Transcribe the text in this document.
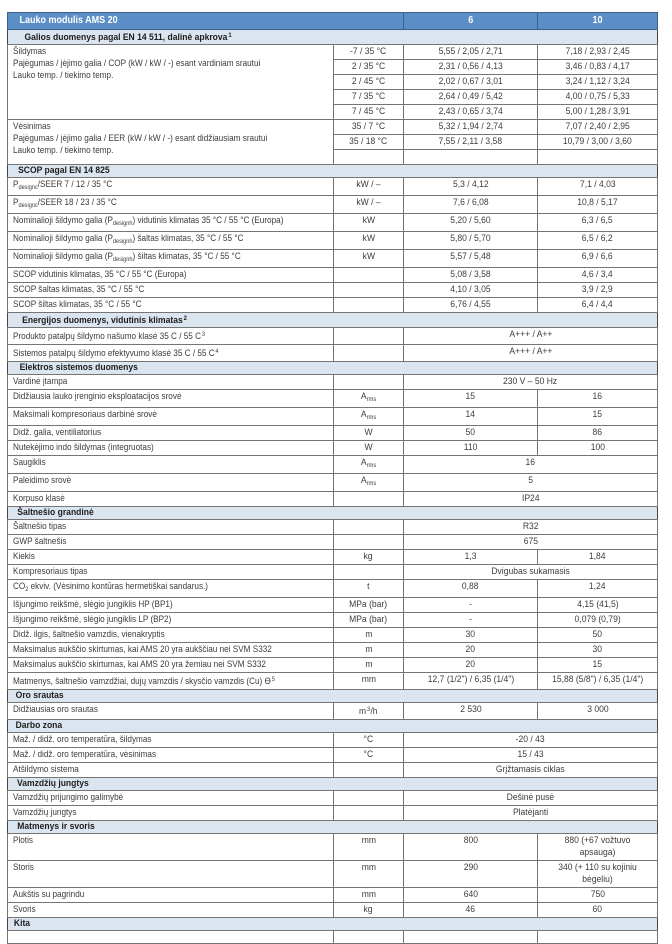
Lauko modulis AMS 20		6	10
Galios duomenys pagal EN 14 511, dalinė apkrova$^1$

Šildymas
Pajėgumas / įėjimo galia / COP (kW / kW / -) esant vardiniam srautui
Lauko temp. / tiekimo temp.	-7 / 35 °C	5,55 / 2,05 / 2,71	7,18 / 2,93 / 2,45
	2 / 35 °C	2,31 / 0,56 / 4,13	3,46 / 0,83 / 4,17
	2 / 45 °C	2,02 / 0,67 / 3,01	3,24 / 1,12 / 3,24
	7 / 35 °C	2,64 / 0,49 / 5,42	4,00 / 0,75 / 5,33
	7 / 45 °C	2,43 / 0,65 / 3,74	5,00 / 1,28 / 3,91

Vėsinimas
Pajėgumas / įėjimo galia / EER (kW / kW / -) esant didžiausiam srautui
Lauko temp. / tiekimo temp.	35 / 7 °C	5,32 / 1,94 / 2,74	7,07 / 2,40 / 2,95
	35 / 18 °C	7,55 / 2,11 / 3,58	10,79 / 3,00 / 3,60

SCOP pagal EN 14 825			
$P_{designc}$/SEER 7 / 12 / 35 °C	kW / –	5,3 / 4,12	7,1 / 4,03
$P_{designc}$/SEER 18 / 23 / 35 °C	kW / –	7,6 / 6,08	10,8 / 5,17
Nominalioji šildymo galia $(P_{designh})$ vidutinis klimatas 35 °C / 55 °C (Europa)	kW	5,20 / 5,60	6,3 / 6,5
Nominalioji šildymo galia $(P_{designh})$ šaltas klimatas, 35 °C / 55 °C	kW	5,80 / 5,70	6,5 / 6,2
Nominalioji šildymo galia $(P_{designh})$ šiltas klimatas, 35 °C / 55 °C	kW	5,57 / 5,48	6,9 / 6,6
SCOP vidutinis klimatas, 35 °C / 55 °C (Europa)		5,08 / 3,58	4,6 / 3,4
SCOP šaltas klimatas, 35 °C / 55 °C		4,10 / 3,05	3,9 / 2,9
SCOP šiltas klimatas, 35 °C / 55 °C		6,76 / 4,55	6,4 / 4,4
Energijos duomenys, vidutinis klimatas$^2$
Produkto patalpų šildymo našumo klasė 35 C / 55 $C^3$		A+++ / A++	
Sistemos patalpų šildymo efektyvumo klasė 35 C / 55 $C^4$		A+++ / A++	
Elektros sistemos duomenys			
Vardinė įtampa		230 V – 50 Hz	
Didžiausia lauko įrenginio eksploatacijos srovė	$A_{rms}$	15	16
Maksimali kompresoriaus darbinė srovė	$A_{rms}$	14	15
Didž. galia, ventiliatorius	W	50	86
Nutekėjimo indo šildymas (integruotas)	W	110	100
Saugiklis	$A_{rms}$	16	
Paleidimo srovė	$A_{rms}$	5	
Korpuso klasė		IP24	
Šaltnešio grandinė			
Šaltnešio tipas		R32	
GWP šaltnešis		675	
Kiekis	kg	1,3	1,84
Kompresoriaus tipas		Dvigubas sukamasis	
$CO_2$ ekviv. (Vėsinimo kontūras hermetiškai sandarus.)	t	0,88	1,24
Išjungimo reikšmė, slėgio jungiklis HP (BP1)	MPa (bar)	-	4,15 (41,5)
Išjungimo reikšmė, slėgio jungiklis LP (BP2)	MPa (bar)	-	0,079 (0,79)
Didž. ilgis, šaltnešio vamzdis, vienakryptis	m	30	50
Maksimalus aukščio skirtumas, kai AMS 20 yra aukščiau nei SVM S332	m	20	30
Maksimalus aukščio skirtumas, kai AMS 20 yra žemiau nei SVM S332	m	20	15
Matmenys, šaltnešio vamzdžiai, dujų vamzdis / skysčio vamzdis (Cu) $Ө^5$	mm	12,7 (1/2") / 6,35 (1/4")	15,88 (5/8") / 6,35 (1/4")
Oro srautas			
Didžiausias oro srautas	$m^3/h$	2 530	3 000
Darbo zona			
Maž. / didž. oro temperatūra, šildymas	°C	-20 / 43	
Maž. / didž. oro temperatūra, vėsinimas	°C	15 / 43	
Atšildymo sistema		Grįžtamasis ciklas	
Vamzdžių jungtys			
Vamzdžių prijungimo galimybė		Dešinė pusė	
Vamzdžių jungtys		Platėjanti	
Matmenys ir svoris			
Plotis	mm	800	880 (+67 vožtuvo apsauga)
Storis	mm	290	340 (+ 110 su kojiniu bėgeliu)
Aukštis su pagrindu	mm	640	750
Svoris	kg	46	60
Kita			
